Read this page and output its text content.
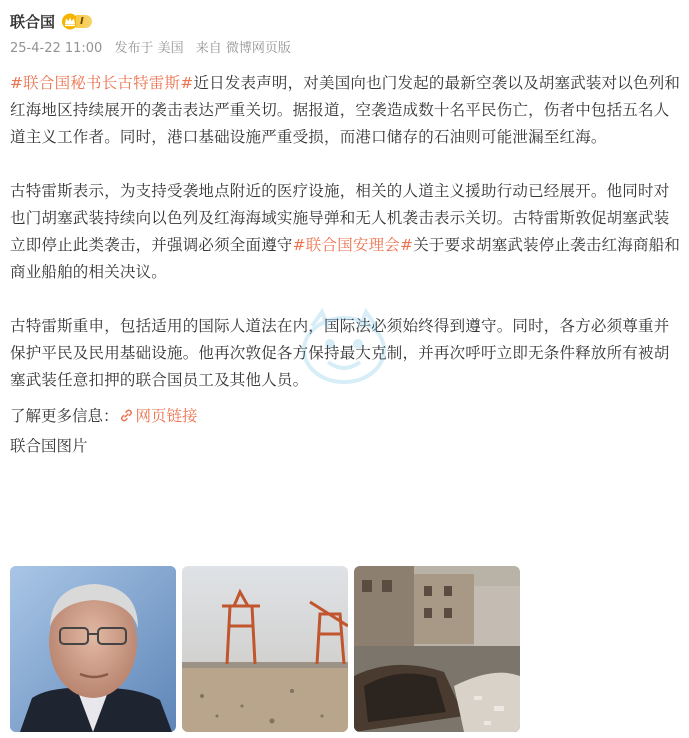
联合国	I
25-4-22 11:00 发布于 美国 来自 微博网页版

#联合国秘书长古特雷斯#近日发表声明，对美国向也门发起的最新空袭以及胡塞武装对以色列和红海地区持续展开的袭击表达严重关切。据报道，空袭造成数十名平民伤亡，伤者中包括五名人道主义工作者。同时，港口基础设施严重受损，而港口储存的石油则可能泄漏至红海。

古特雷斯表示，为支持受袭地点附近的医疗设施，相关的人道主义援助行动已经展开。他同时对也门胡塞武装持续向以色列及红海海域实施导弹和无人机袭击表示关切。古特雷斯敦促胡塞武装立即停止此类袭击，并强调必须全面遵守#联合国安理会#关于要求胡塞武装停止袭击红海商船和商业船舶的相关决议。

古特雷斯重申，包括适用的国际人道法在内，国际法必须始终得到遵守。同时，各方必须尊重并保护平民及民用基础设施。他再次敦促各方保持最大克制，并再次呼吁立即无条件释放所有被胡塞武装任意扣押的联合国员工及其他人员。

了解更多信息： 网页链接
联合国图片
